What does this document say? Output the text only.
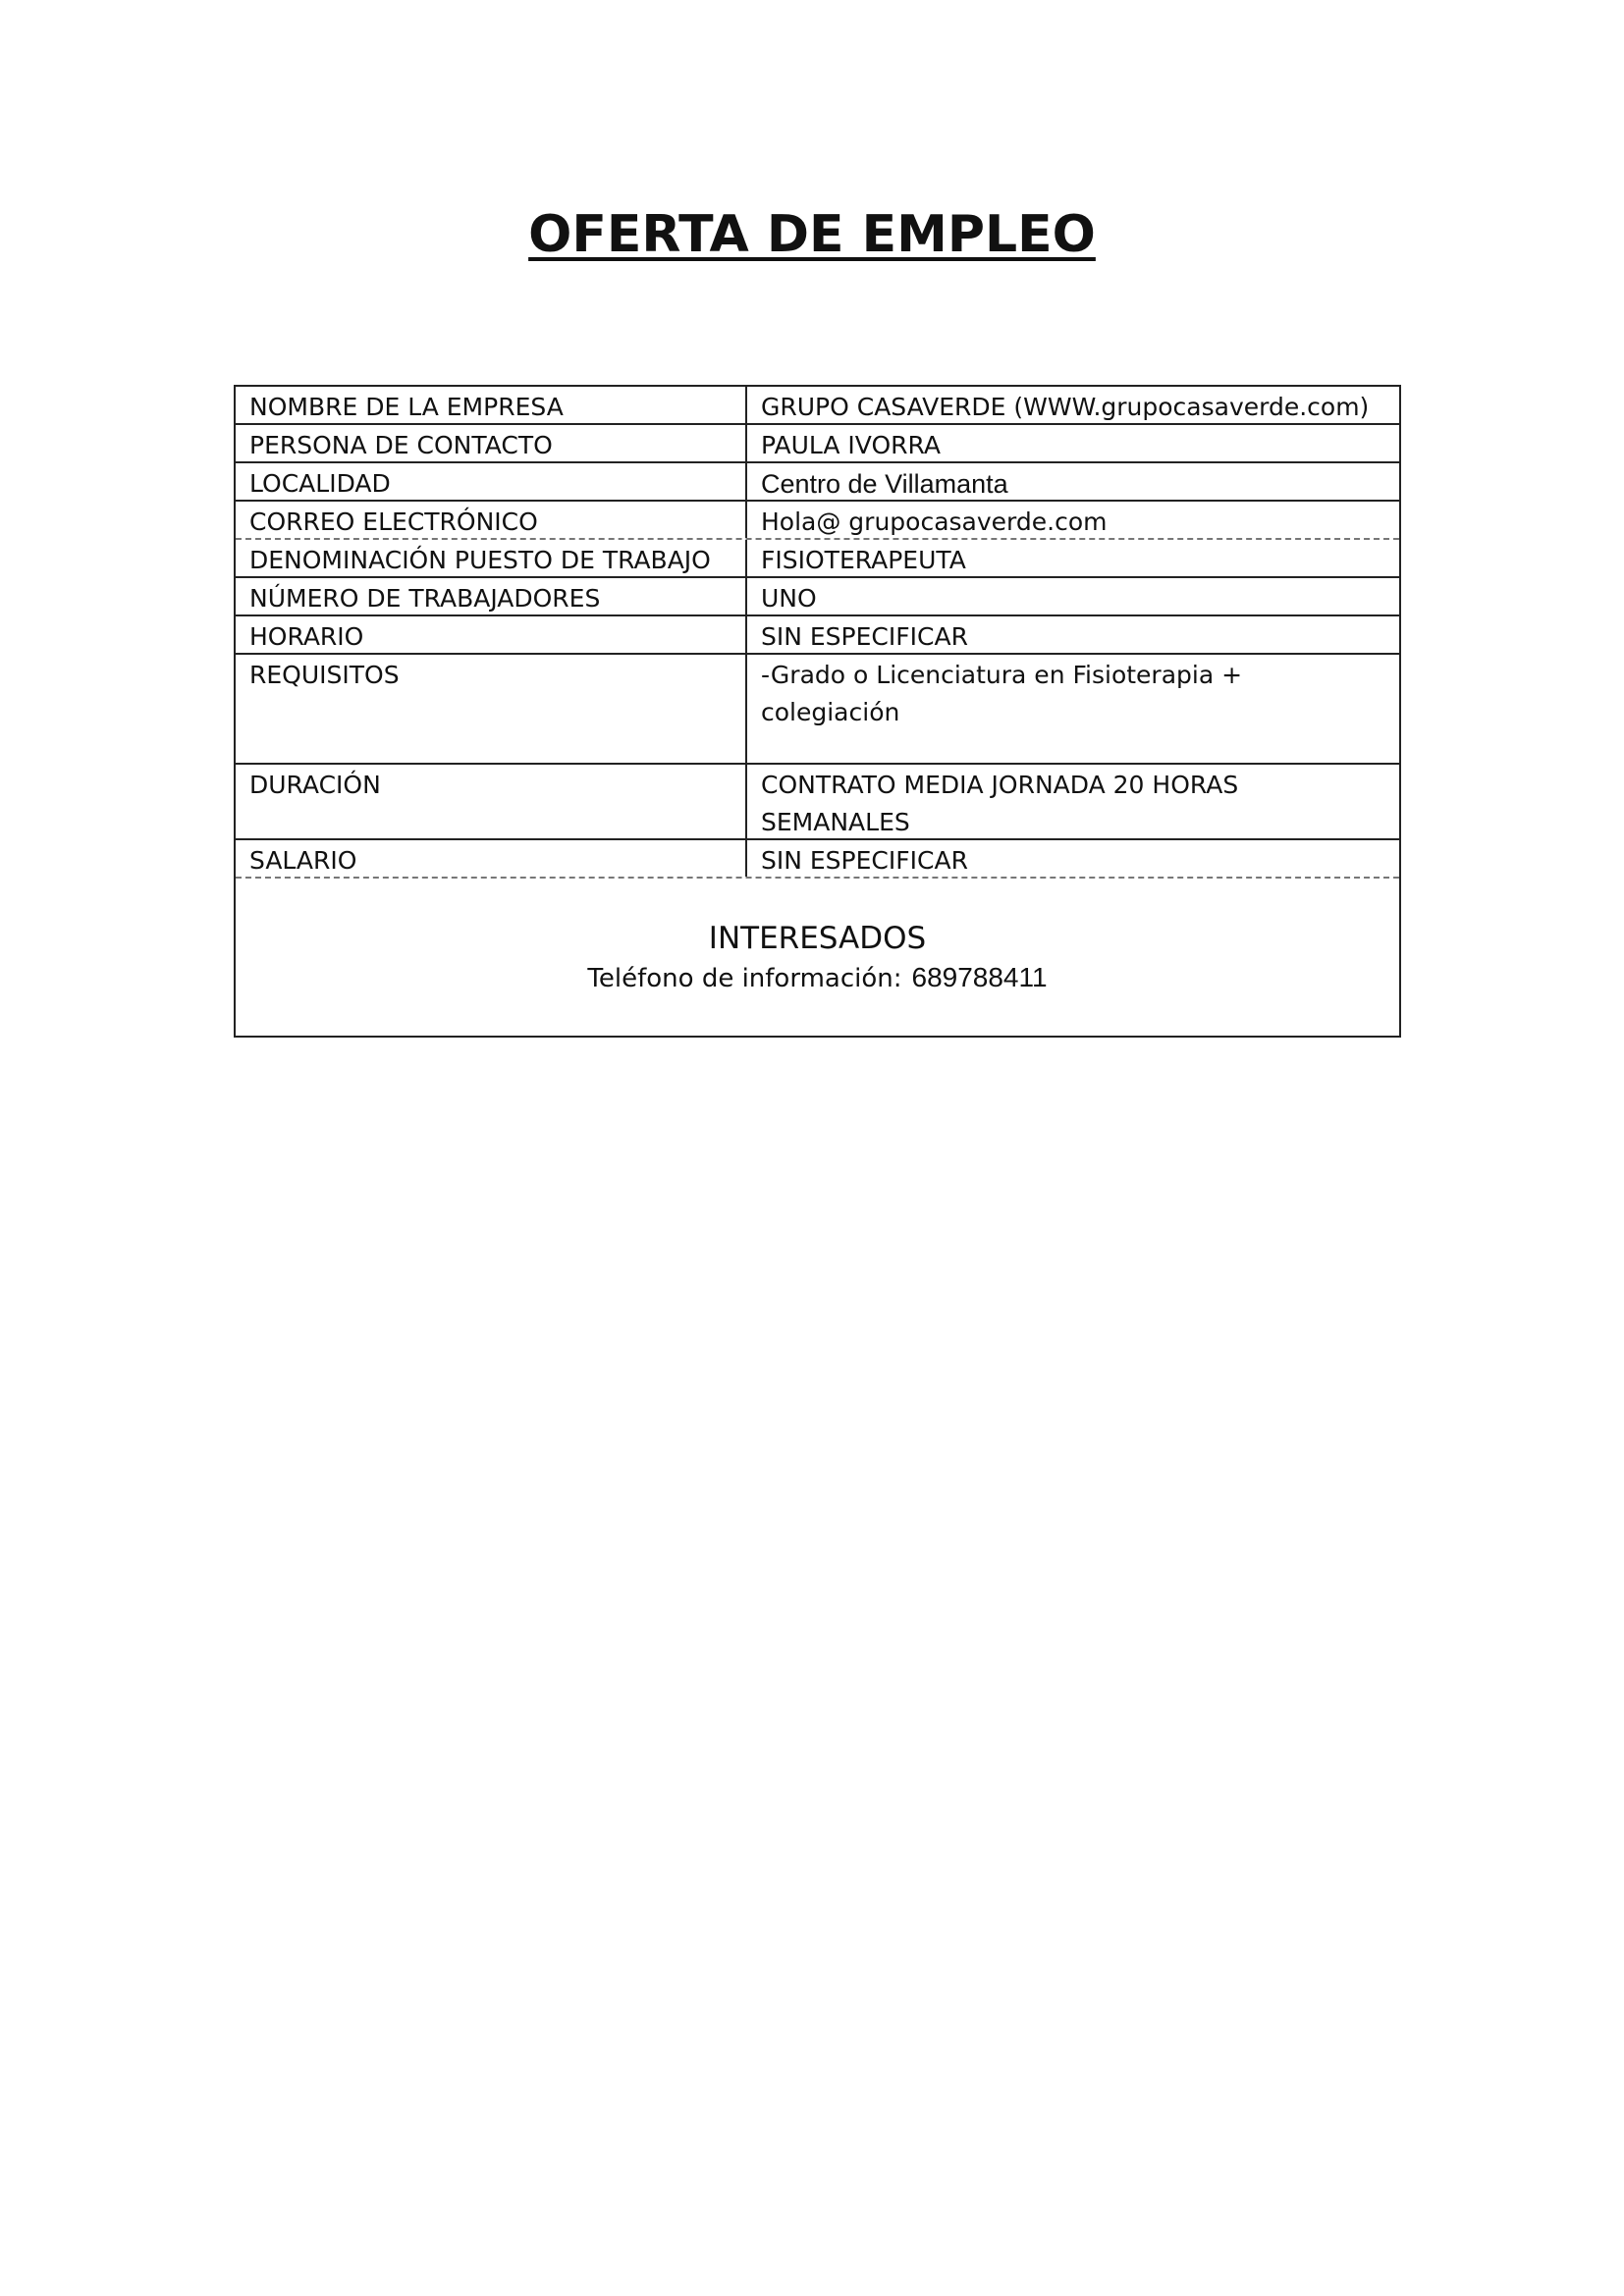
OFERTA DE EMPLEO
NOMBRE DE LA EMPRESA	GRUPO CASAVERDE (WWW.grupocasaverde.com)
PERSONA DE CONTACTO	PAULA IVORRA
LOCALIDAD	Centro de Villamanta
CORREO ELECTRÓNICO	Hola@ grupocasaverde.com
DENOMINACIÓN PUESTO DE TRABAJO	FISIOTERAPEUTA
NÚMERO DE TRABAJADORES	UNO
HORARIO	SIN ESPECIFICAR
REQUISITOS	-Grado o Licenciatura en Fisioterapia + colegiación
DURACIÓN	CONTRATO MEDIA JORNADA 20 HORAS SEMANALES
SALARIO	SIN ESPECIFICAR
INTERESADOS
Teléfono de información: 689788411
